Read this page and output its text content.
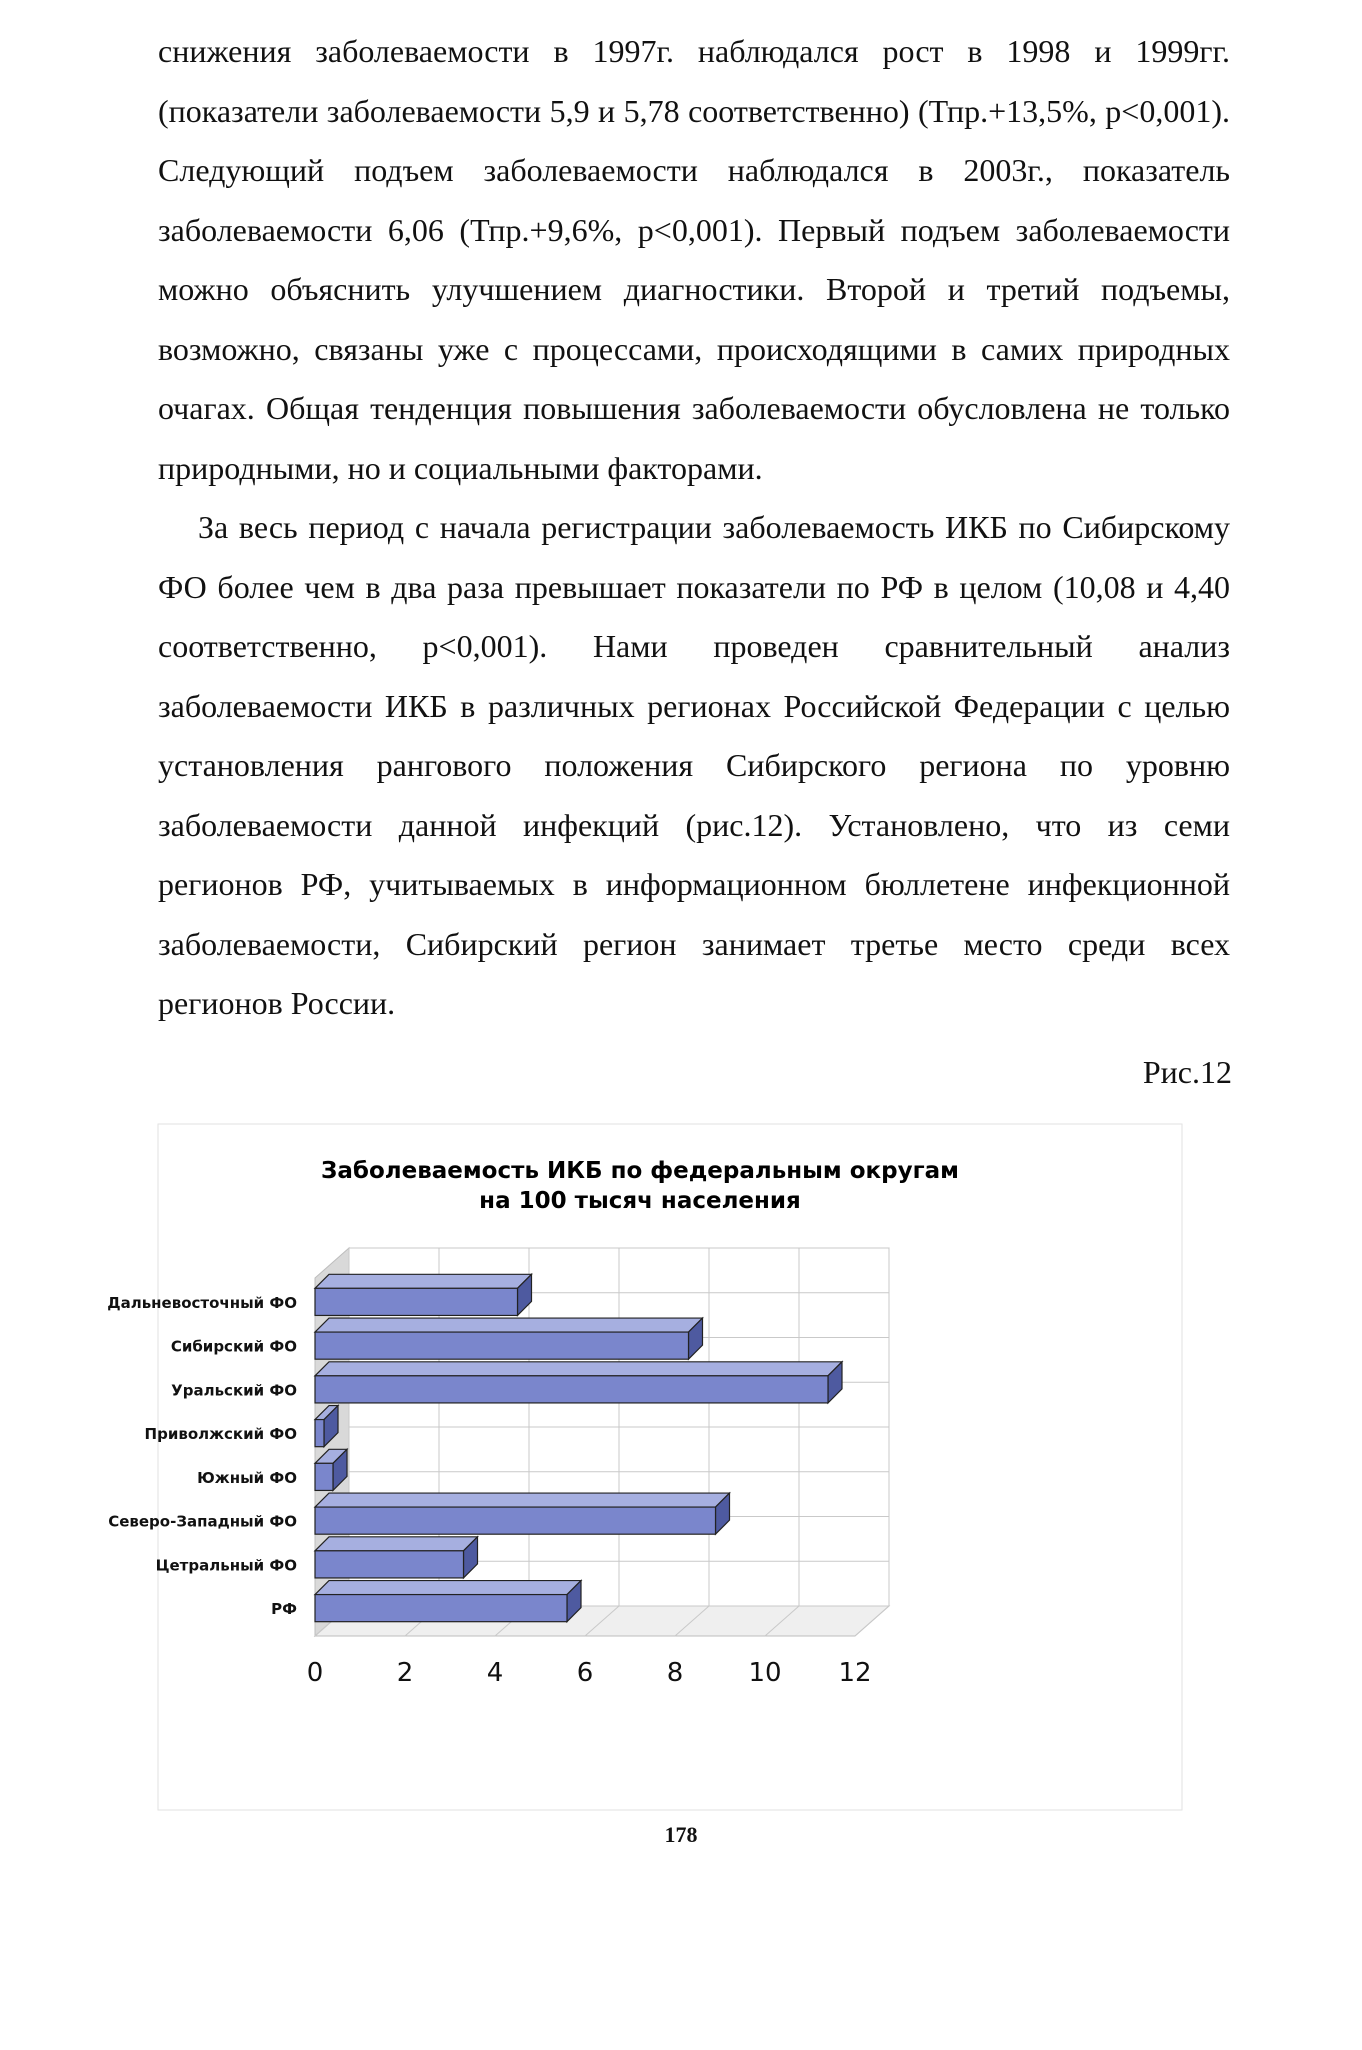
снижения заболеваемости в 1997г. наблюдался рост в 1998 и 1999гг. (показатели заболеваемости 5,9 и 5,78 соответственно) (Тпр.+13,5%, p<0,001). Следующий подъем заболеваемости наблюдался в 2003г., показатель заболеваемости 6,06 (Тпр.+9,6%, p<0,001). Первый подъем заболеваемости можно объяснить улучшением диагностики. Второй и третий подъемы, возможно, связаны уже с процессами, происходящими в самих природных очагах. Общая тенденция повышения заболеваемости обусловлена не только природными, но и социальными факторами.

За весь период с начала регистрации заболеваемость ИКБ по Сибирскому ФО более чем в два раза превышает показатели по РФ в целом (10,08 и 4,40 соответственно, p<0,001). Нами проведен сравнительный анализ заболеваемости ИКБ в различных регионах Российской Федерации с целью установления рангового положения Сибирского региона по уровню заболеваемости данной инфекций (рис.12). Установлено, что из семи регионов РФ, учитываемых в информационном бюллетене инфекционной заболеваемости, Сибирский регион занимает третье место среди всех регионов России.

Рис.12
Заболеваемость ИКБ по федеральным округам
на 100 тысяч населения
Дальневосточный ФО
Сибирский ФО
Уральский ФО
Приволжский ФО
Южный ФО
Северо-Западный ФО
Цетральный ФО
РФ
0	2	4	6	8	10 12
178
